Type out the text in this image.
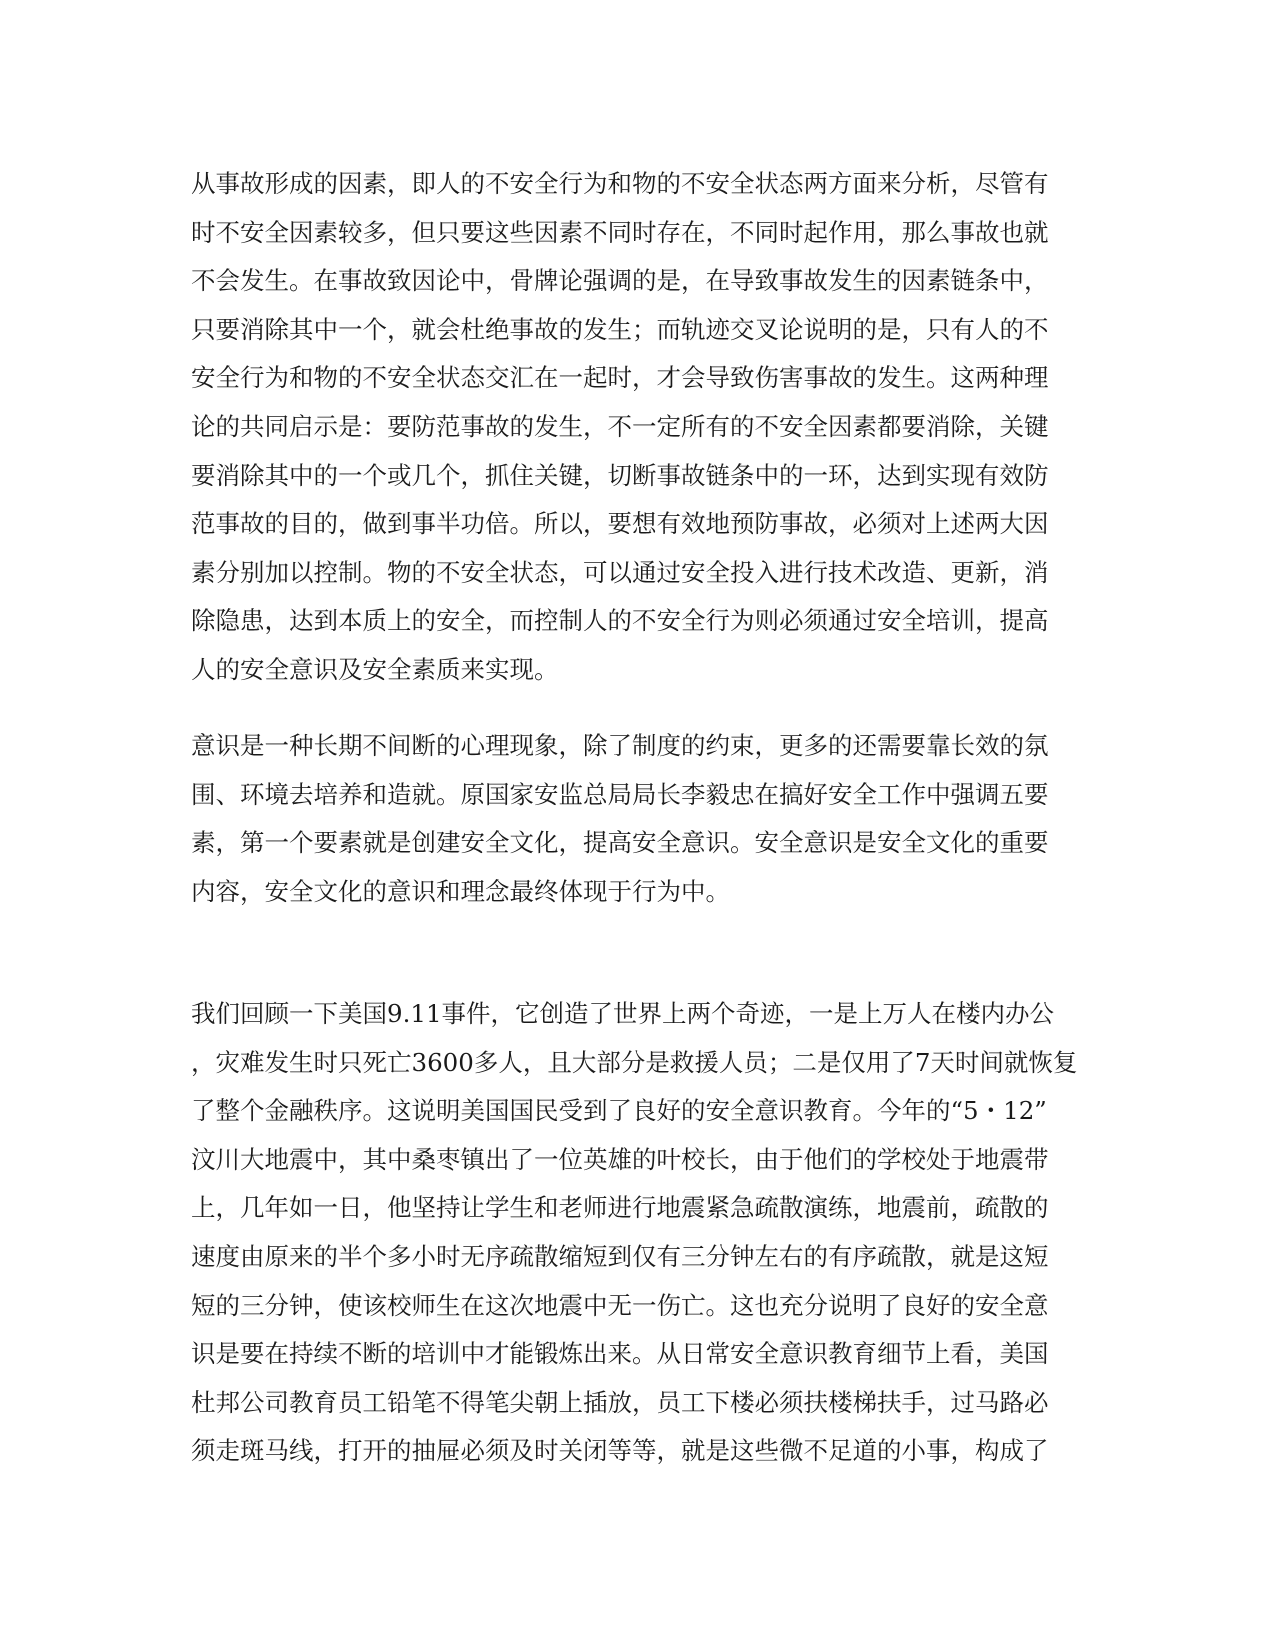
从事故形成的因素，即人的不安全行为和物的不安全状态两方面来分析，尽管有
时不安全因素较多，但只要这些因素不同时存在，不同时起作用，那么事故也就
不会发生。在事故致因论中，骨牌论强调的是，在导致事故发生的因素链条中，
只要消除其中一个，就会杜绝事故的发生；而轨迹交叉论说明的是，只有人的不
安全行为和物的不安全状态交汇在一起时，才会导致伤害事故的发生。这两种理
论的共同启示是：要防范事故的发生，不一定所有的不安全因素都要消除，关键
要消除其中的一个或几个，抓住关键，切断事故链条中的一环，达到实现有效防
范事故的目的，做到事半功倍。所以，要想有效地预防事故，必须对上述两大因
素分别加以控制。物的不安全状态，可以通过安全投入进行技术改造、更新，消
除隐患，达到本质上的安全，而控制人的不安全行为则必须通过安全培训，提高
人的安全意识及安全素质来实现。
意识是一种长期不间断的心理现象，除了制度的约束，更多的还需要靠长效的氛
围、环境去培养和造就。原国家安监总局局长李毅忠在搞好安全工作中强调五要
素，第一个要素就是创建安全文化，提高安全意识。安全意识是安全文化的重要
内容，安全文化的意识和理念最终体现于行为中。
我们回顾一下美国9.11事件，它创造了世界上两个奇迹，一是上万人在楼内办公
，灾难发生时只死亡3600多人，且大部分是救援人员；二是仅用了7天时间就恢复
了整个金融秩序。这说明美国国民受到了良好的安全意识教育。今年的“5・12”
汶川大地震中，其中桑枣镇出了一位英雄的叶校长，由于他们的学校处于地震带
上，几年如一日，他坚持让学生和老师进行地震紧急疏散演练，地震前，疏散的
速度由原来的半个多小时无序疏散缩短到仅有三分钟左右的有序疏散，就是这短
短的三分钟，使该校师生在这次地震中无一伤亡。这也充分说明了良好的安全意
识是要在持续不断的培训中才能锻炼出来。从日常安全意识教育细节上看，美国
杜邦公司教育员工铅笔不得笔尖朝上插放，员工下楼必须扶楼梯扶手，过马路必
须走斑马线，打开的抽屉必须及时关闭等等，就是这些微不足道的小事，构成了
